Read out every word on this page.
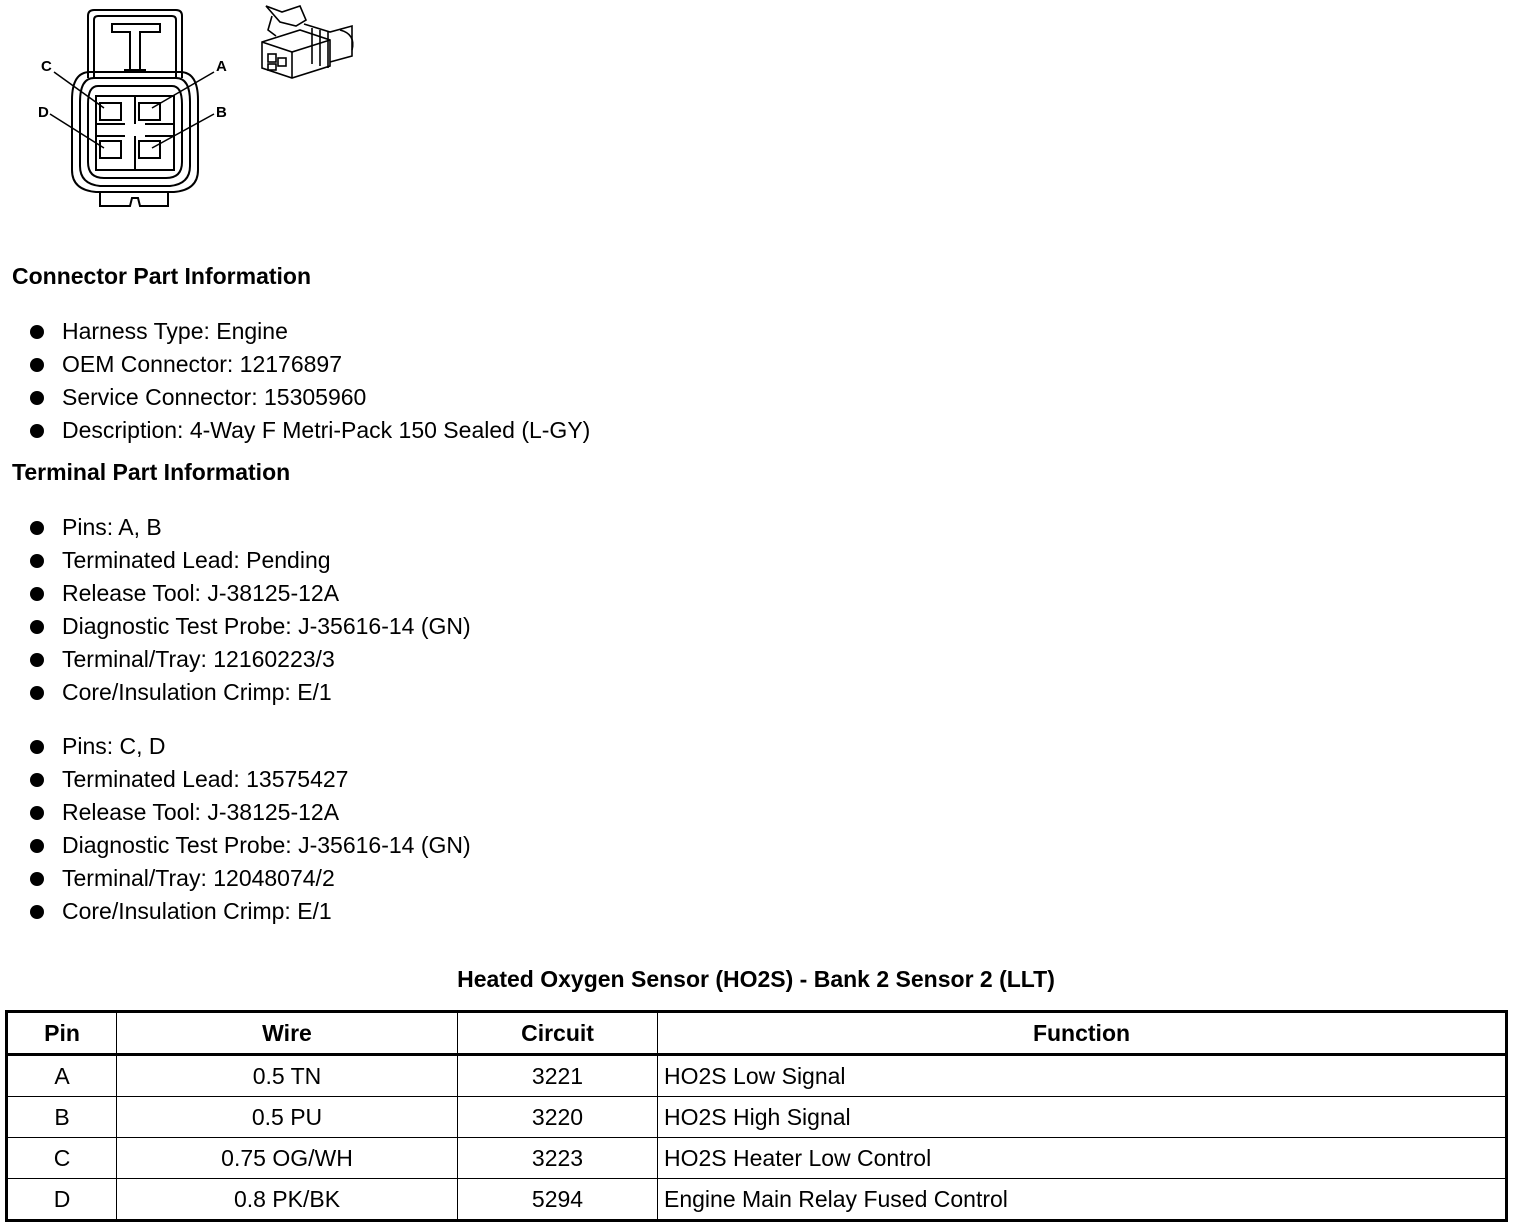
C	A
D	B
Connector Part Information
Harness Type: Engine
OEM Connector: 12176897
Service Connector: 15305960
Description: 4-Way F Metri-Pack 150 Sealed (L-GY)
Terminal Part Information
Pins: A, B
Terminated Lead: Pending
Release Tool: J-38125-12A
Diagnostic Test Probe: J-35616-14 (GN)
Terminal/Tray: 12160223/3
Core/Insulation Crimp: E/1
Pins: C, D
Terminated Lead: 13575427
Release Tool: J-38125-12A
Diagnostic Test Probe: J-35616-14 (GN)
Terminal/Tray: 12048074/2
Core/Insulation Crimp: E/1
Heated Oxygen Sensor (HO2S) - Bank 2 Sensor 2 (LLT)
Pin	Wire	Circuit	Function
A	0.5 TN	3221	HO2S Low Signal
B	0.5 PU	3220	HO2S High Signal
C	0.75 OG/WH	3223	HO2S Heater Low Control
D	0.8 PK/BK	5294	Engine Main Relay Fused Control
